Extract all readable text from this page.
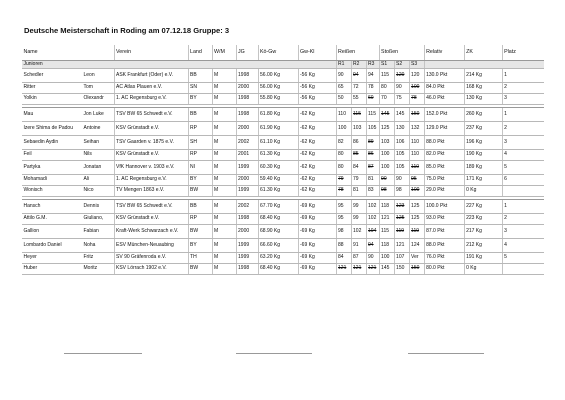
Deutsche Meisterschaft in Roding am 07.12.18 Gruppe: 3
Name		Verein	Land	W/M	JG	Kö-Gw	Gw-Kl	Reißen			Stoßen			Relativ	ZK	Platz
Junioren								R1	R2	R3	S1	S2	S3			
Schedler	Leon	ASK Frankfurt (Oder) e.V.	BB	M	1998	56.00 Kg	-56 Kg	90	94	94	115	120	120	130.0 Pkt	214 Kg	1
Ritter	Tom	AC Atlas Plauen e.V.	SN	M	2000	56.00 Kg	-56 Kg	65	72	78	80	90	100	84.0 Pkt	168 Kg	2
Yolkin	Olexandr	1. AC Regensburg e.V.	BY	M	1998	55.80 Kg	-56 Kg	50	55	60	70	75	78	46.0 Pkt	130 Kg	3

Mau	Jon Luke	TSV BW 65 Schwedt e.V.	BB	M	1998	61.80 Kg	-62 Kg	110	115	115	145	145	150	152.0 Pkt	260 Kg	1
Izere Shima de Padou	Antoine	KSV Grünstadt e.V.	RP	M	2000	61.90 Kg	-62 Kg	100	103	105	125	130	132	129.0 Pkt	237 Kg	2
Sebaedin Aydin	Seihan	TSV Gaarden v. 1875 e.V.	SH	M	2002	61.10 Kg	-62 Kg	82	86	89	103	106	110	88.0 Pkt	196 Kg	3
Feil	Nils	KSV Grünstadt e.V.	RP	M	2001	61.30 Kg	-62 Kg	80	85	86	100	105	110	82.0 Pkt	190 Kg	4
Partyka	Jonatan	VfK Hannover v. 1903 e.V.	NI	M	1999	60.30 Kg	-62 Kg	80	84	87	100	105	110	85.0 Pkt	189 Kg	5
Mohamadi	Ali	1. AC Regensburg e.V.	BY	M	2000	59.40 Kg	-62 Kg	79	79	81	90	90	95	75.0 Pkt	171 Kg	6
Wonisch	Nico	TV Mengen 1863 e.V.	BW	M	1999	61.30 Kg	-62 Kg	78	81	83	98	98	100	29.0 Pkt	0 Kg	

Hansch	Dennis	TSV BW 65 Schwedt e.V.	BB	M	2002	67.70 Kg	-69 Kg	95	99	102	118	123	125	100.0 Pkt	227 Kg	1
Attilo G.M.	Giuliano,	KSV Grünstadt e.V.	RP	M	1998	68.40 Kg	-69 Kg	95	99	102	121	125	125	93.0 Pkt	223 Kg	2
Gallion	Fabian	Kraft-Werk Schwarzach e.V.	BW	M	2000	68.90 Kg	-69 Kg	98	102	104	115	119	119	87.0 Pkt	217 Kg	3
Lombardo Daniel	Noha	ESV München-Neuaubing	BY	M	1999	66.60 Kg	-69 Kg	88	91	94	118	121	124	88.0 Pkt	212 Kg	4
Heyer	Fritz	SV 90 Gräfenroda e.V.	TH	M	1999	63.20 Kg	-69 Kg	84	87	90	100	107	Ver	76.0 Pkt	191 Kg	5
Huber	Moritz	KSV Lörrach 1902 e.V.	BW	M	1998	68.40 Kg	-69 Kg	121	121	121	145	150	150	80.0 Pkt	0 Kg	
